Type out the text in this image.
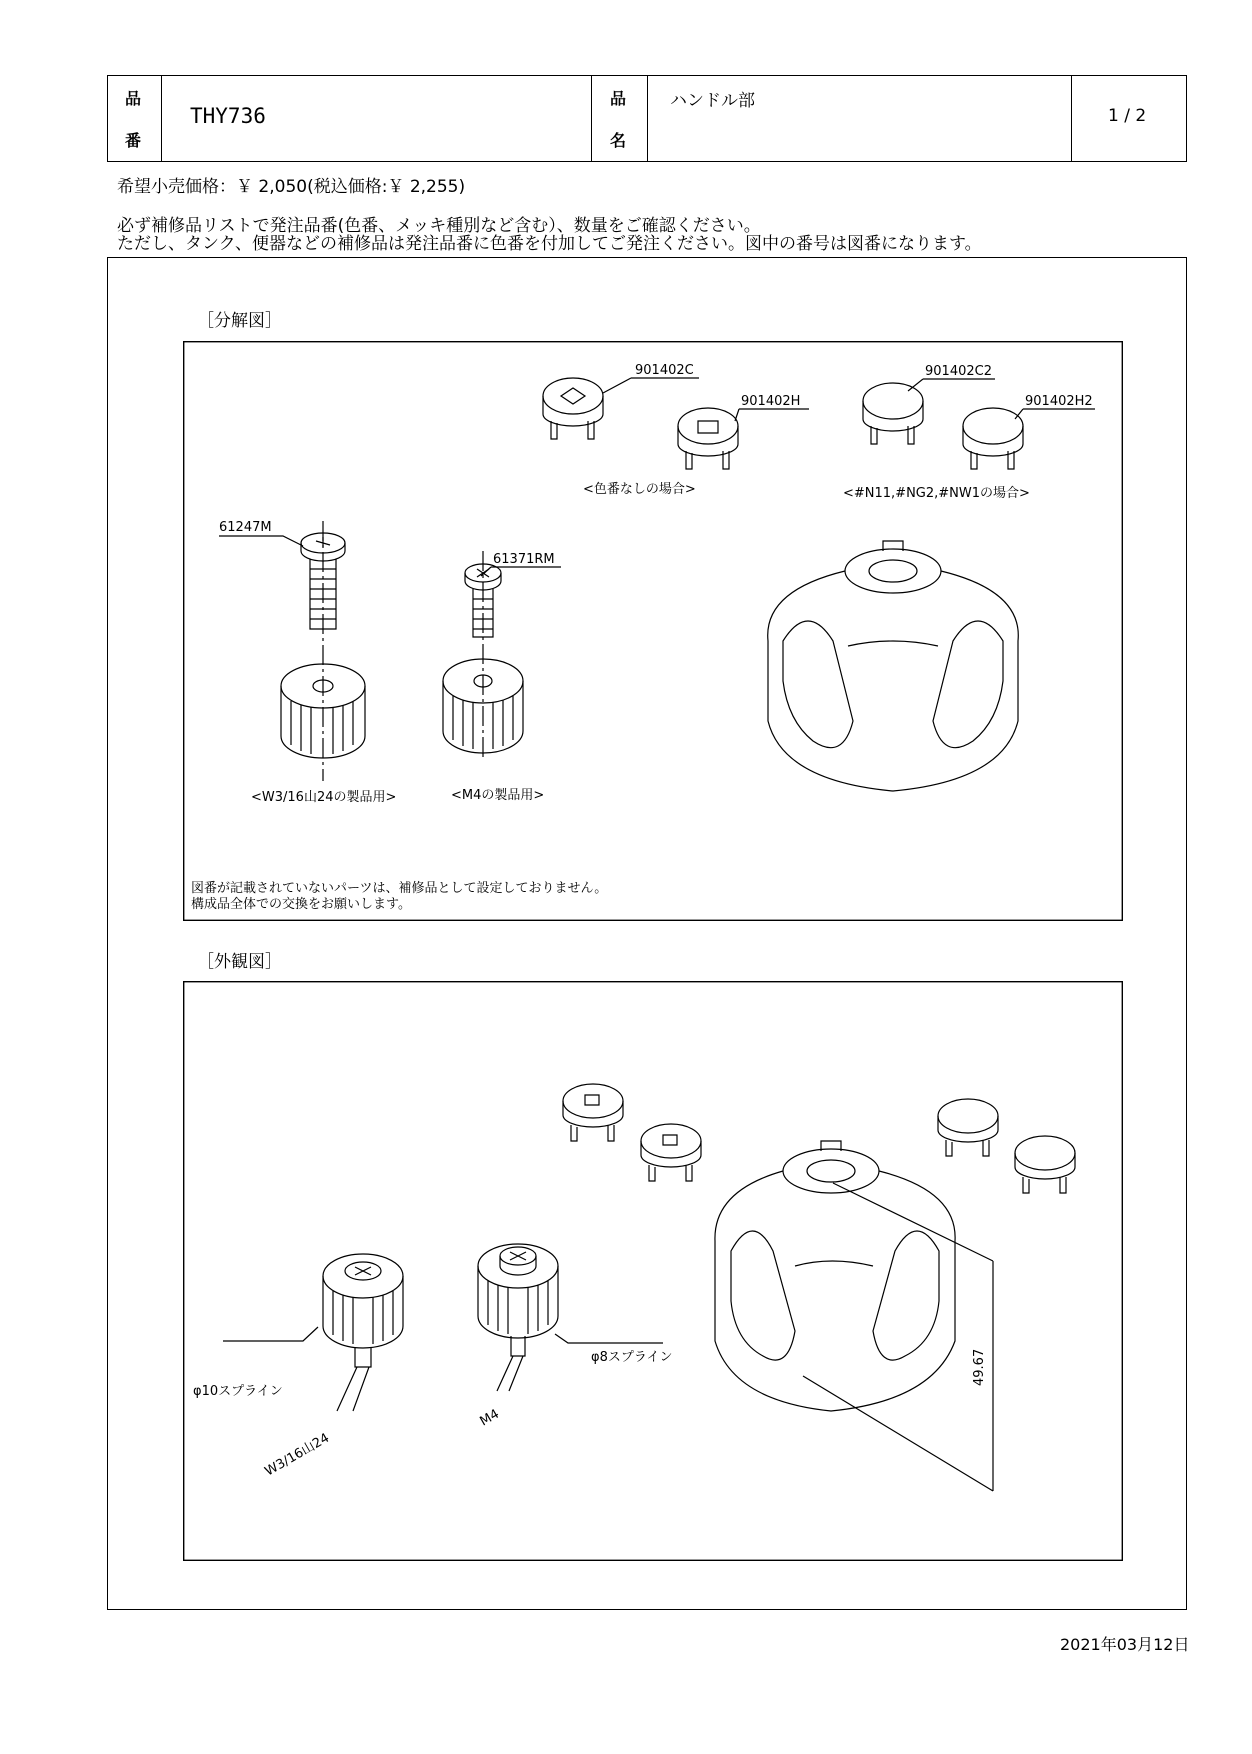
品
番
THY736
品
名
ハンドル部
1 / 2
希望小売価格：￥ 2,050(税込価格:￥ 2,255)
必ず補修品リストで発注品番(色番、メッキ種別など含む）、数量をご確認ください。
ただし、タンク、便器などの補修品は発注品番に色番を付加してご発注ください。図中の番号は図番になります。
［分解図］
［外観図］
901402C
901402H
901402C2
901402H2
61247M
61371RM
<色番なしの場合>	<#N11,#NG2,#NW1の場合>
<W3/16山24の製品用>	<M4の製品用>
図番が記載されていないパーツは、補修品として設定しておりません。
構成品全体での交換をお願いします。
φ10スプライン
φ8スプライン
W3/16山24
M4
49.67
2021年03月12日
